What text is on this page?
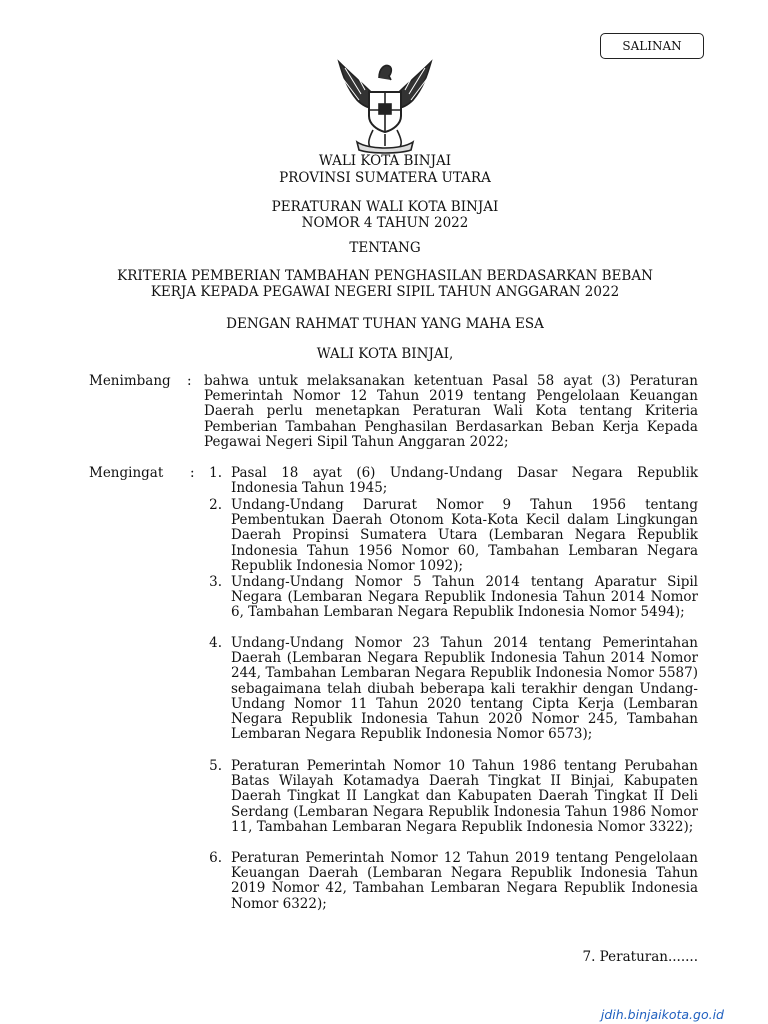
SALINAN
WALI KOTA BINJAI
PROVINSI SUMATERA UTARA
PERATURAN WALI KOTA BINJAI
NOMOR 4 TAHUN 2022
TENTANG
KRITERIA PEMBERIAN TAMBAHAN PENGHASILAN BERDASARKAN BEBAN
KERJA KEPADA PEGAWAI NEGERI SIPIL TAHUN ANGGARAN 2022
DENGAN RAHMAT TUHAN YANG MAHA ESA
WALI KOTA BINJAI,
Menimbang : bahwa untuk melaksanakan ketentuan Pasal 58 ayat (3) Peraturan Pemerintah Nomor 12 Tahun 2019 tentang Pengelolaan Keuangan Daerah perlu menetapkan Peraturan Wali Kota tentang Kriteria Pemberian Tambahan Penghasilan Berdasarkan Beban Kerja Kepada Pegawai Negeri Sipil Tahun Anggaran 2022;
Mengingat :	1. Pasal 18 ayat (6) Undang-Undang Dasar Negara Republik Indonesia Tahun 1945;
2. Undang-Undang Darurat Nomor 9 Tahun 1956 tentang Pembentukan Daerah Otonom Kota-Kota Kecil dalam Lingkungan Daerah Propinsi Sumatera Utara (Lembaran Negara Republik Indonesia Tahun 1956 Nomor 60, Tambahan Lembaran Negara Republik Indonesia Nomor 1092);
3. Undang-Undang Nomor 5 Tahun 2014 tentang Aparatur Sipil Negara (Lembaran Negara Republik Indonesia Tahun 2014 Nomor 6, Tambahan Lembaran Negara Republik Indonesia Nomor 5494);
4. Undang-Undang Nomor 23 Tahun 2014 tentang Pemerintahan Daerah (Lembaran Negara Republik Indonesia Tahun 2014 Nomor 244, Tambahan Lembaran Negara Republik Indonesia Nomor 5587) sebagaimana telah diubah beberapa kali terakhir dengan Undang-Undang Nomor 11 Tahun 2020 tentang Cipta Kerja (Lembaran Negara Republik Indonesia Tahun 2020 Nomor 245, Tambahan Lembaran Negara Republik Indonesia Nomor 6573);
5. Peraturan Pemerintah Nomor 10 Tahun 1986 tentang Perubahan Batas Wilayah Kotamadya Daerah Tingkat II Binjai, Kabupaten Daerah Tingkat II Langkat dan Kabupaten Daerah Tingkat II Deli Serdang (Lembaran Negara Republik Indonesia Tahun 1986 Nomor 11, Tambahan Lembaran Negara Republik Indonesia Nomor 3322);
6. Peraturan Pemerintah Nomor 12 Tahun 2019 tentang Pengelolaan Keuangan Daerah (Lembaran Negara Republik Indonesia Tahun 2019 Nomor 42, Tambahan Lembaran Negara Republik Indonesia Nomor 6322);
7. Peraturan.......
jdih.binjaikota.go.id
